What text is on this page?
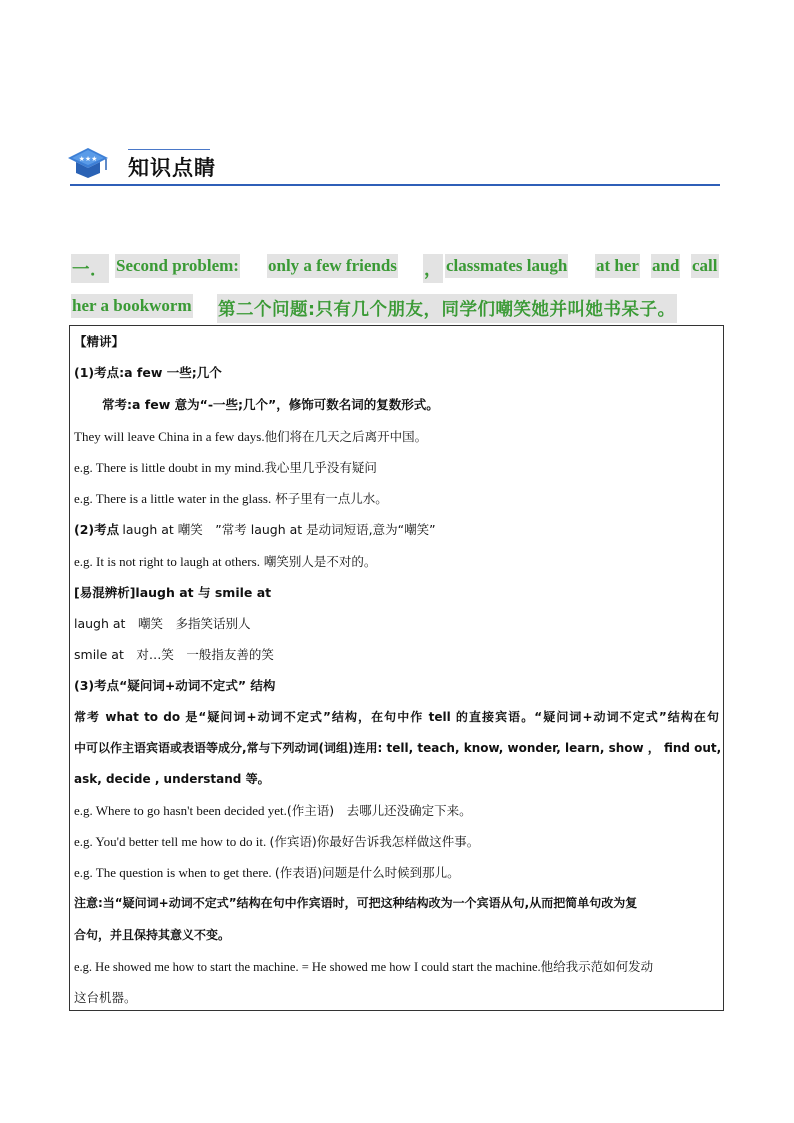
★★★ 知识点睛
一． Second problem: only a few friends ， classmates laugh at her and call
her a bookworm 第二个问题:只有几个朋友，同学们嘲笑她并叫她书呆子。
【精讲】
(1)考点:a few 一些;几个
常考:a few 意为“-一些;几个”，修饰可数名词的复数形式。
They will leave China in a few days.他们将在几天之后离开中国。
e.g. There is little doubt in my mind.我心里几乎没有疑问
e.g. There is a little water in the glass. 杯子里有一点儿水。
(2)考点 laugh at 嘲笑　”常考 laugh at 是动词短语,意为“嘲笑”
e.g. It is not right to laugh at others. 嘲笑别人是不对的。
[易混辨析]laugh at 与 smile at
laugh at　嘲笑　多指笑话别人
smile at　对…笑　一般指友善的笑
(3)考点“疑问词+动词不定式” 结构
常考 what to do 是“疑问词+动词不定式”结构，在句中作 tell 的直接宾语。“疑问词+动词不定式”结构在句
中可以作主语宾语或表语等成分,常与下列动词(词组)连用: tell, teach, know, wonder, learn, show ， find out,
ask, decide , understand 等。
e.g. Where to go hasn't been decided yet.(作主语)　去哪儿还没确定下来。
e.g. You'd better tell me how to do it. (作宾语)你最好告诉我怎样做这件事。
e.g. The question is when to get there. (作表语)问题是什么时候到那儿。
注意:当“疑问词+动词不定式”结构在句中作宾语时，可把这种结构改为一个宾语从句,从而把简单句改为复
合句，并且保持其意义不变。
e.g. He showed me how to start the machine. = He showed me how I could start the machine.他给我示范如何发动
这台机器。
